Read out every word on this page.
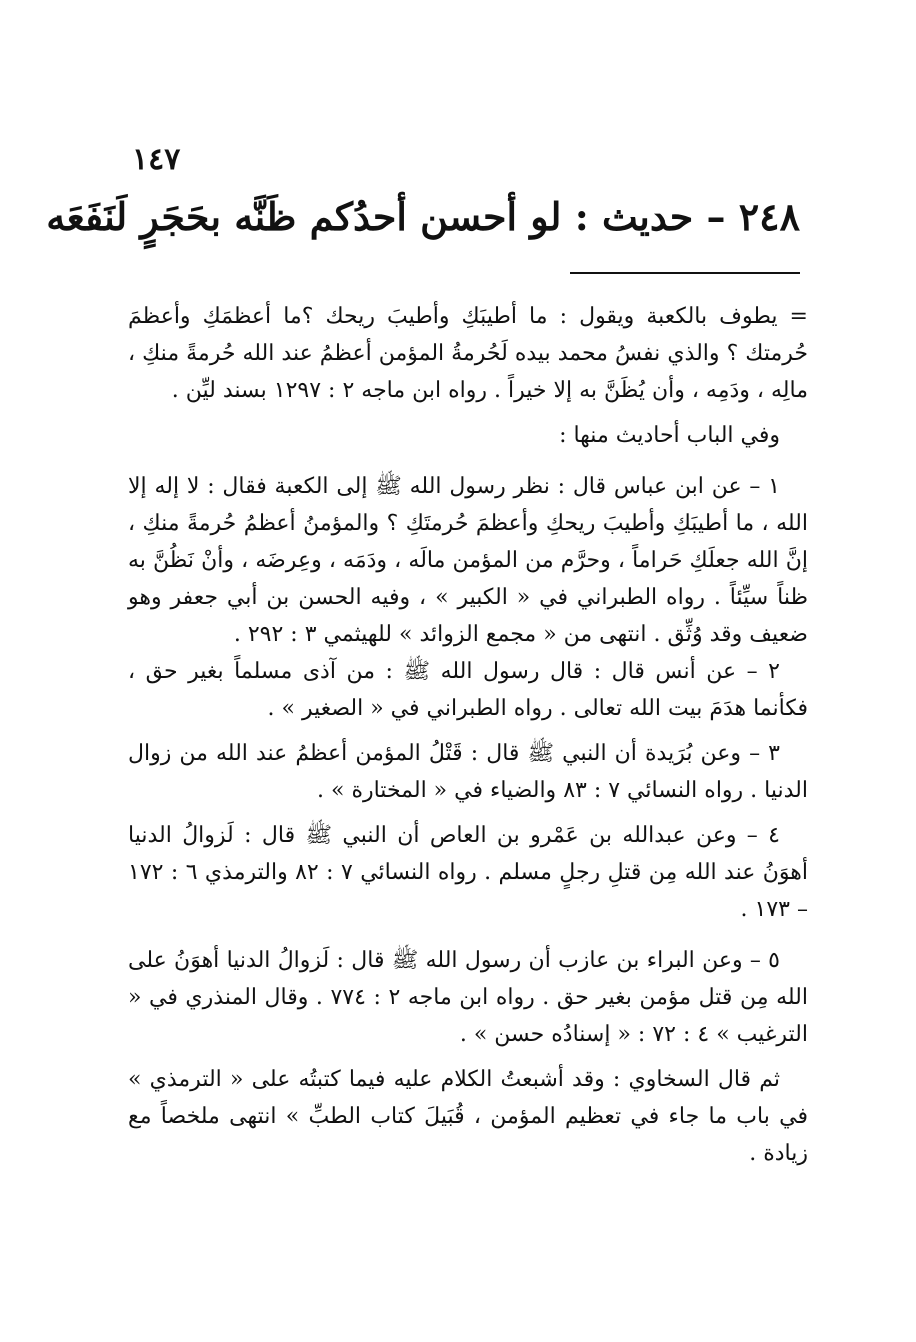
١٤٧
٢٤٨ – حديث : لو أحسن أحدُكم ظَنَّه بحَجَرٍ لَنَفَعَه

= يطوف بالكعبة ويقول : ما أطيبَكِ وأطيبَ ريحك ؟ما أعظمَكِ وأعظمَ حُرمتك ؟ والذي نفسُ محمد بيده لَحُرمةُ المؤمن أعظمُ عند الله حُرمةً منكِ ، مالِه ، ودَمِه ، وأن يُظَنَّ به إلا خيراً . رواه ابن ماجه ٢ : ١٢٩٧ بسند ليِّن .

وفي الباب أحاديث منها :

١ – عن ابن عباس قال : نظر رسول الله ﷺ إلى الكعبة فقال : لا إله إلا الله ، ما أطيبَكِ وأطيبَ ريحكِ وأعظمَ حُرمتَكِ ؟ والمؤمنُ أعظمُ حُرمةً منكِ ، إنَّ الله جعلَكِ حَراماً ، وحرَّم من المؤمن مالَه ، ودَمَه ، وعِرضَه ، وأنْ نَظُنَّ به ظناً سيِّئاً . رواه الطبراني في « الكبير » ، وفيه الحسن بن أبي جعفر وهو ضعيف وقد وُثِّق . انتهى من « مجمع الزوائد » للهيثمي ٣ : ٢٩٢ .

٢ – عن أنس قال : قال رسول الله ﷺ : من آذى مسلماً بغير حق ، فكأنما هدَمَ بيت الله تعالى . رواه الطبراني في « الصغير » .

٣ – وعن بُرَيدة أن النبي ﷺ قال : قَتْلُ المؤمن أعظمُ عند الله من زوال الدنيا . رواه النسائي ٧ : ٨٣ والضياء في « المختارة » .

٤ – وعن عبدالله بن عَمْرو بن العاص أن النبي ﷺ قال : لَزوالُ الدنيا أهوَنُ عند الله مِن قتلِ رجلٍ مسلم . رواه النسائي ٧ : ٨٢ والترمذي ٦ : ١٧٢ – ١٧٣ .

٥ – وعن البراء بن عازب أن رسول الله ﷺ قال : لَزوالُ الدنيا أهوَنُ على الله مِن قتل مؤمن بغير حق . رواه ابن ماجه ٢ : ٧٧٤ . وقال المنذري في « الترغيب » ٤ : ٧٢ : « إسنادُه حسن » .

ثم قال السخاوي : وقد أشبعتُ الكلام عليه فيما كتبتُه على « الترمذي » في باب ما جاء في تعظيم المؤمن ، قُبَيلَ كتاب الطبِّ » انتهى ملخصاً مع زيادة .
